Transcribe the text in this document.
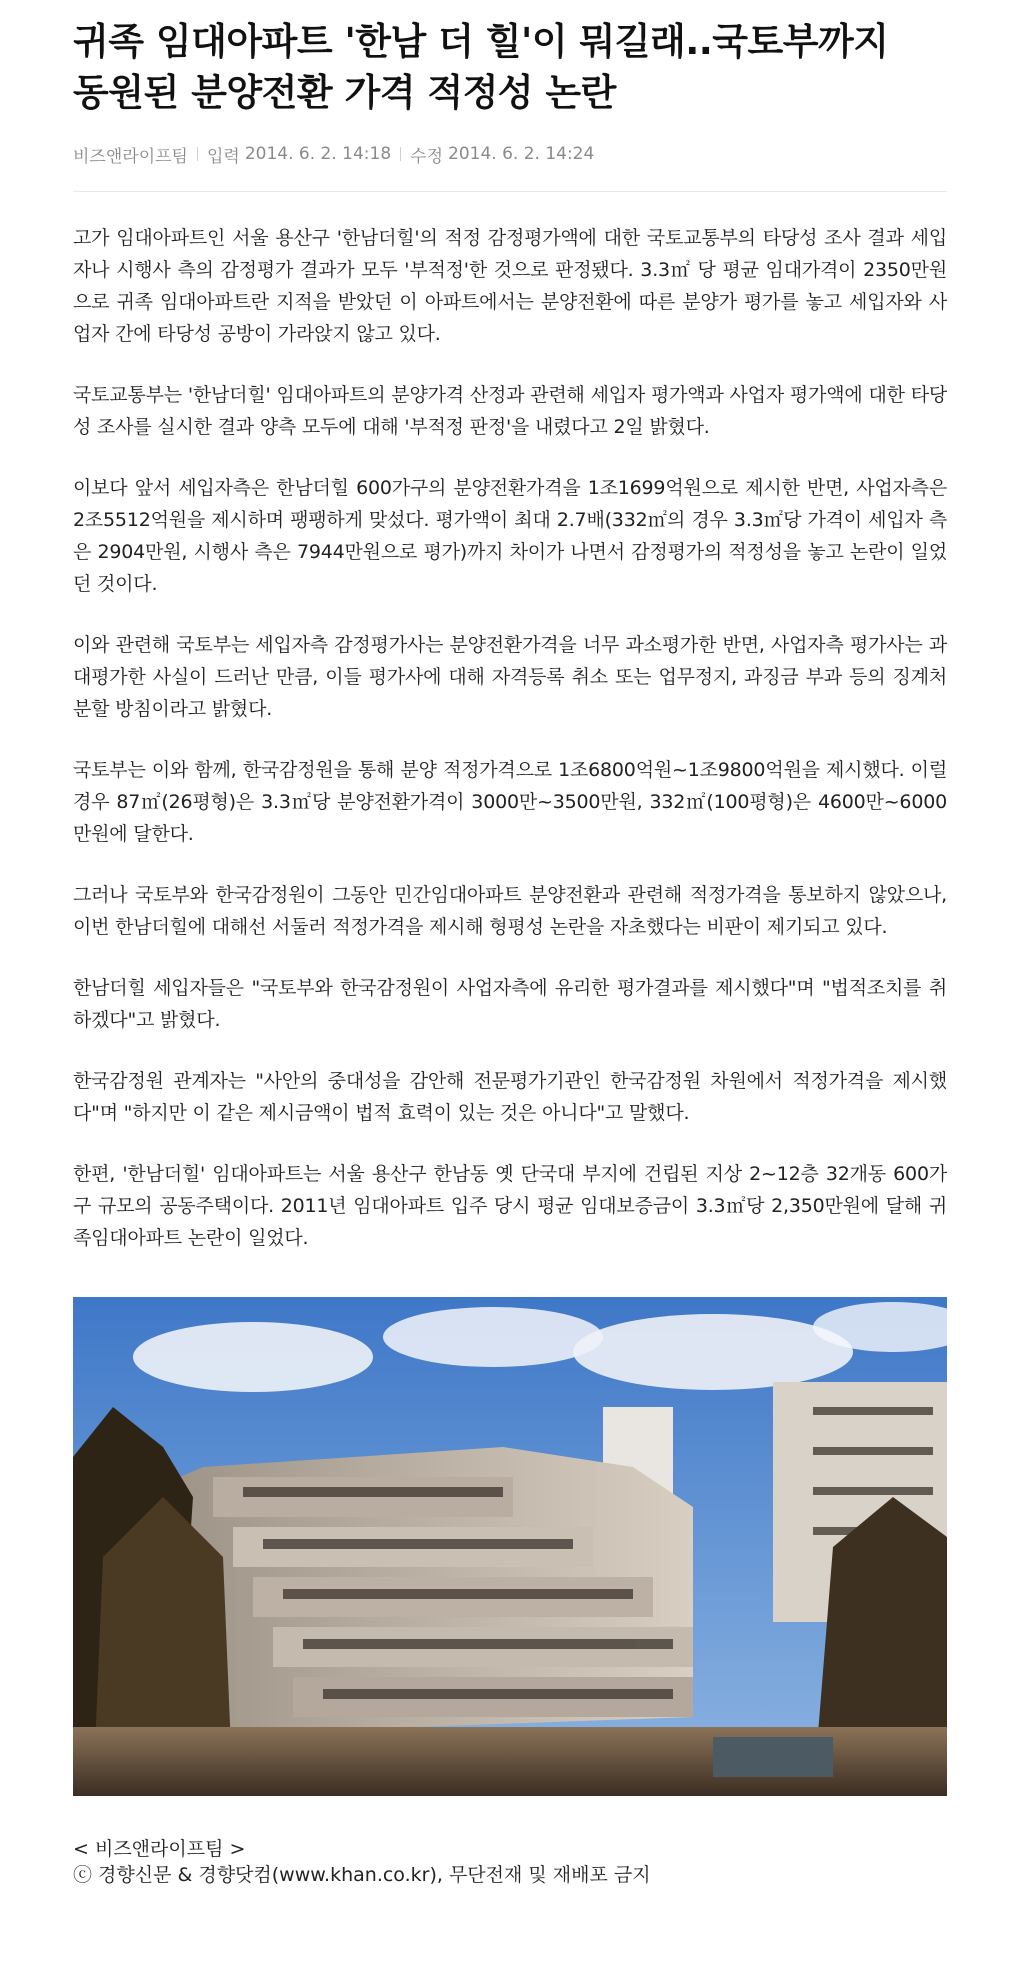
귀족 임대아파트 '한남 더 힐'이 뭐길래..국토부까지 동원된 분양전환 가격 적정성 논란
비즈앤라이프팀 입력 2014. 6. 2. 14:18 수정 2014. 6. 2. 14:24

고가 임대아파트인 서울 용산구 '한남더힐'의 적정 감정평가액에 대한 국토교통부의 타당성 조사 결과 세입자나 시행사 측의 감정평가 결과가 모두 '부적정'한 것으로 판정됐다. 3.3㎡ 당 평균 임대가격이 2350만원으로 귀족 임대아파트란 지적을 받았던 이 아파트에서는 분양전환에 따른 분양가 평가를 놓고 세입자와 사업자 간에 타당성 공방이 가라앉지 않고 있다.

국토교통부는 '한남더힐' 임대아파트의 분양가격 산정과 관련해 세입자 평가액과 사업자 평가액에 대한 타당성 조사를 실시한 결과 양측 모두에 대해 '부적정 판정'을 내렸다고 2일 밝혔다.

이보다 앞서 세입자측은 한남더힐 600가구의 분양전환가격을 1조1699억원으로 제시한 반면, 사업자측은 2조5512억원을 제시하며 팽팽하게 맞섰다. 평가액이 최대 2.7배(332㎡의 경우 3.3㎡당 가격이 세입자 측은 2904만원, 시행사 측은 7944만원으로 평가)까지 차이가 나면서 감정평가의 적정성을 놓고 논란이 일었던 것이다.

이와 관련해 국토부는 세입자측 감정평가사는 분양전환가격을 너무 과소평가한 반면, 사업자측 평가사는 과대평가한 사실이 드러난 만큼, 이들 평가사에 대해 자격등록 취소 또는 업무정지, 과징금 부과 등의 징계처분할 방침이라고 밝혔다.

국토부는 이와 함께, 한국감정원을 통해 분양 적정가격으로 1조6800억원~1조9800억원을 제시했다. 이럴 경우 87㎡(26평형)은 3.3㎡당 분양전환가격이 3000만~3500만원, 332㎡(100평형)은 4600만~6000만원에 달한다.

그러나 국토부와 한국감정원이 그동안 민간임대아파트 분양전환과 관련해 적정가격을 통보하지 않았으나, 이번 한남더힐에 대해선 서둘러 적정가격을 제시해 형평성 논란을 자초했다는 비판이 제기되고 있다.

한남더힐 세입자들은 "국토부와 한국감정원이 사업자측에 유리한 평가결과를 제시했다"며 "법적조치를 취하겠다"고 밝혔다.

한국감정원 관계자는 "사안의 중대성을 감안해 전문평가기관인 한국감정원 차원에서 적정가격을 제시했다"며 "하지만 이 같은 제시금액이 법적 효력이 있는 것은 아니다"고 말했다.

한편, '한남더힐' 임대아파트는 서울 용산구 한남동 옛 단국대 부지에 건립된 지상 2~12층 32개동 600가구 규모의 공동주택이다. 2011년 임대아파트 입주 당시 평균 임대보증금이 3.3㎡당 2,350만원에 달해 귀족임대아파트 논란이 일었다.

< 비즈앤라이프팀 >
ⓒ 경향신문 & 경향닷컴(www.khan.co.kr), 무단전재 및 재배포 금지
